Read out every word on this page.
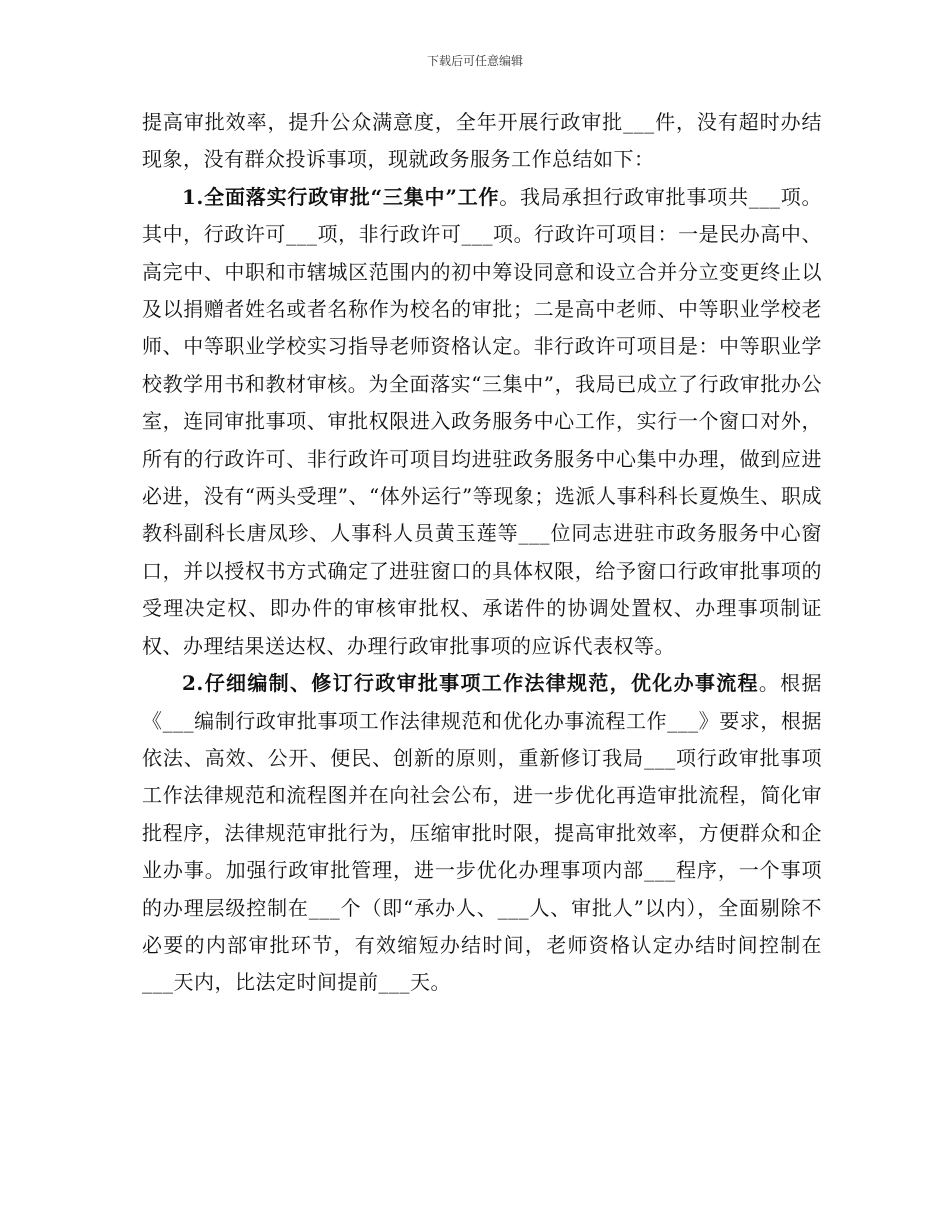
下载后可任意编辑

提高审批效率，提升公众满意度，全年开展行政审批___件，没有超时办结现象，没有群众投诉事项，现就政务服务工作总结如下：

1.全面落实行政审批“三集中”工作。我局承担行政审批事项共___项。其中，行政许可___项，非行政许可___项。行政许可项目：一是民办高中、高完中、中职和市辖城区范围内的初中筹设同意和设立合并分立变更终止以及以捐赠者姓名或者名称作为校名的审批；二是高中老师、中等职业学校老师、中等职业学校实习指导老师资格认定。非行政许可项目是：中等职业学校教学用书和教材审核。为全面落实“三集中”，我局已成立了行政审批办公室，连同审批事项、审批权限进入政务服务中心工作，实行一个窗口对外，所有的行政许可、非行政许可项目均进驻政务服务中心集中办理，做到应进必进，没有“两头受理”、“体外运行”等现象；选派人事科科长夏焕生、职成教科副科长唐凤珍、人事科人员黄玉莲等___位同志进驻市政务服务中心窗口，并以授权书方式确定了进驻窗口的具体权限，给予窗口行政审批事项的受理决定权、即办件的审核审批权、承诺件的协调处置权、办理事项制证权、办理结果送达权、办理行政审批事项的应诉代表权等。

2.仔细编制、修订行政审批事项工作法律规范，优化办事流程。根据《___编制行政审批事项工作法律规范和优化办事流程工作___》要求，根据依法、高效、公开、便民、创新的原则，重新修订我局___项行政审批事项工作法律规范和流程图并在向社会公布，进一步优化再造审批流程，简化审批程序，法律规范审批行为，压缩审批时限，提高审批效率，方便群众和企业办事。加强行政审批管理，进一步优化办理事项内部___程序，一个事项的办理层级控制在___个（即“承办人、___人、审批人”以内），全面剔除不必要的内部审批环节，有效缩短办结时间，老师资格认定办结时间控制在___天内，比法定时间提前___天。
